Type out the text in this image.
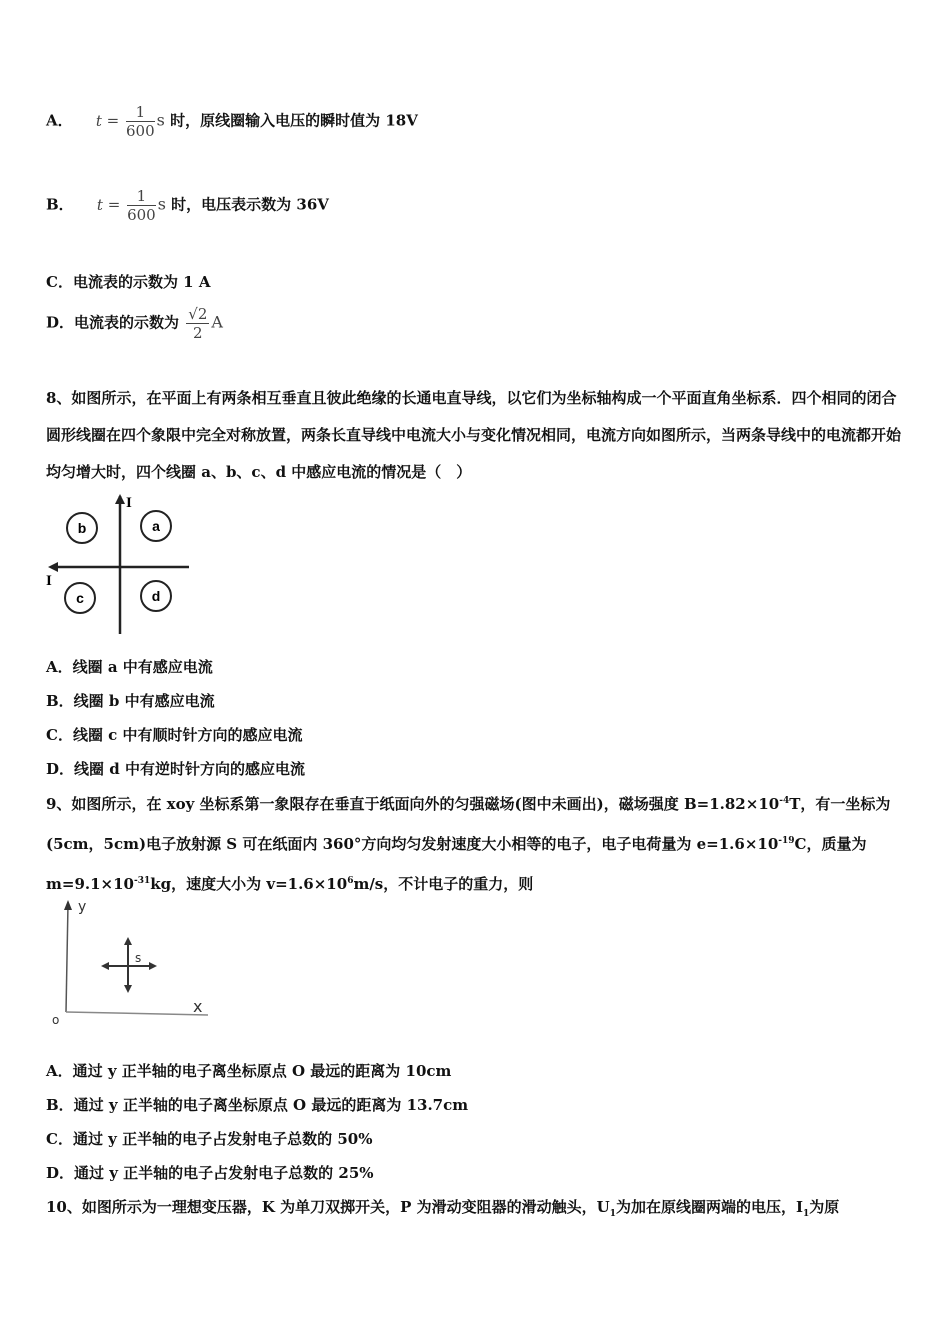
A． $t = \frac{1}{600}$ s 时，原线圈输入电压的瞬时值为 18V
B． $t = \frac{1}{600}$ s 时，电压表示数为 36V
C．电流表的示数为 1 A
D．电流表的示数为 $\frac{√2}{2}$ A
8、如图所示，在平面上有两条相互垂直且彼此绝缘的长通电直导线，以它们为坐标轴构成一个平面直角坐标系．四个相同的闭合圆形线圈在四个象限中完全对称放置，两条长直导线中电流大小与变化情况相同，电流方向如图所示，当两条导线中的电流都开始均匀增大时，四个线圈 a、b、c、d 中感应电流的情况是（　）
I
I
b	a
c	d
A．线圈 a 中有感应电流
B．线圈 b 中有感应电流
C．线圈 c 中有顺时针方向的感应电流
D．线圈 d 中有逆时针方向的感应电流
9、如图所示，在 xoy 坐标系第一象限存在垂直于纸面向外的匀强磁场(图中未画出)，磁场强度 $B=1.82\times 10^{-4}T$，有一坐标为(5cm，5cm)电子放射源 S 可在纸面内 360°方向均匀发射速度大小相等的电子，电子电荷量为 $e=1.6\times 10^{-19}C$，质量为 $m=9.1\times 10^{-31}kg$，速度大小为 $v=1.6\times 10^6m/s$，不计电子的重力，则
y
x
o
s
A．通过 y 正半轴的电子离坐标原点 O 最远的距离为 10cm
B．通过 y 正半轴的电子离坐标原点 O 最远的距离为 13.7cm
C．通过 y 正半轴的电子占发射电子总数的 50%
D．通过 y 正半轴的电子占发射电子总数的 25%
10、如图所示为一理想变压器，K 为单刀双掷开关，P 为滑动变阻器的滑动触头，$U_1$为加在原线圈两端的电压，$I_1$为原
